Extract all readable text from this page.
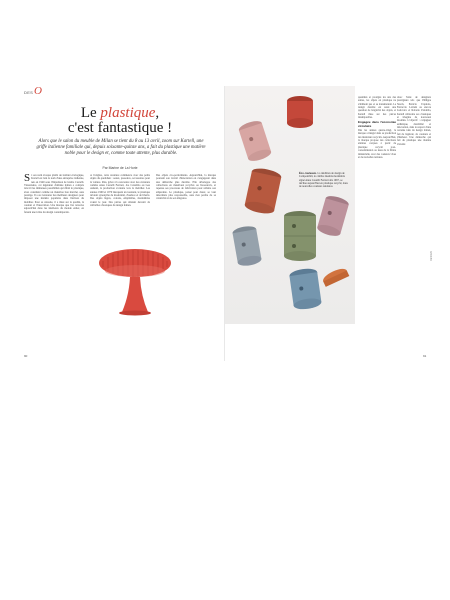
DES O
Le plastique,
c'est fantastique !
Alors que le salon du meuble de Milan se tient du 8 au 13 avril, zoom sur Kartell, une griffe italienne familiale qui, depuis soixante-quinze ans, a fait du plastique une matière noble pour le design et, comme toute attente, plus durable.
Par Marine de La Horie
S i son nom évoque plutôt un fermier écologique, Kartell est loin le nom d'une entreprise italienne, née en 1949 sous l'impulsion de Giulio Castelli. Visionnaire, cet ingénieur chimiste italien a compris très tôt les immenses possibilités qu'offrait le plastique, alors considéré comme un matériau bon marché, sans prestige. Il a su s'entourer des meilleurs designers pour imposer une matière populaire dans l'univers du mobilier. Pour sa réussite, il a misé sur la qualité, la couleur et l'innovation. Une marque que l'on retrouve aujourd'hui dans les intérieurs du monde entier, en faisant une icône du design contemporain.
À l'origine, cette aventure commence avec des petits objets du quotidien : seaux, passoires, accessoires pour la voiture. Puis, grâce à la rencontre avec des créateurs comme Anna Castelli Ferrieri, Joe Colombo ou Gae Aulenti, la production s'oriente vers le mobilier. Les années 1960 et 1970 marquent un tournant, le plastique devient synonyme de modernité, d'audace et de liberté. Des objets légers, colorés, empilables, modulables voient le jour. Des pièces qui allaient devenir de véritables classiques du design italien.
Des objets éco-performants. Aujourd'hui, la marque poursuit son travail d'innovation en s'engageant dans une démarche plus durable. Elle développe des collections en matériaux recyclés ou biosourcés, et repense ses processus de fabrication pour réduire son empreinte. Le plastique, pensé pour durer, se veut désormais plus responsable, sans rien perdre de sa créativité ni de son élégance.
90
Éco-rouleaux. La réédition de design de Componibili, le célèbre meuble modulable signé Anna Castelli Ferrieri dès 1967, se décline aujourd'hui en plastique recyclé, dans de nouvelles couleurs tendance.
quantités et protégés les uns des autres, les objets en plastique ne s'abîment pas et se transmettent. Le design durable est aussi une question de longévité des objets, et Kartell mise sur des pièces intemporelles.
Engagée dans l'économie circulaire
Dès les années quatre-vingt, la marque a intégré dans sa production des matériaux recyclés. Aujourd'hui, la marque propose des collections entières conçues à partir de plastique recyclé post-consommation ou issus de la filière industrielle, avec des couleurs vives et de nouvelles textures.
Avec l'aide de designers prestigieux tels que Philippe Starck, Patricia Urquiola, Ferruccio Laviani ou encore Ludovica et Roberto Palomba, Kartell réinvente ses classiques et imagine de nouveaux modèles. L'objectif : conjuguer esthétique, durabilité et innovation, dans le respect d'une certaine idée du design italien, fait de légèreté, de couleurs et d'humour. Une démarche qui fait du plastique une matière d'avenir.
DESIGN
91
